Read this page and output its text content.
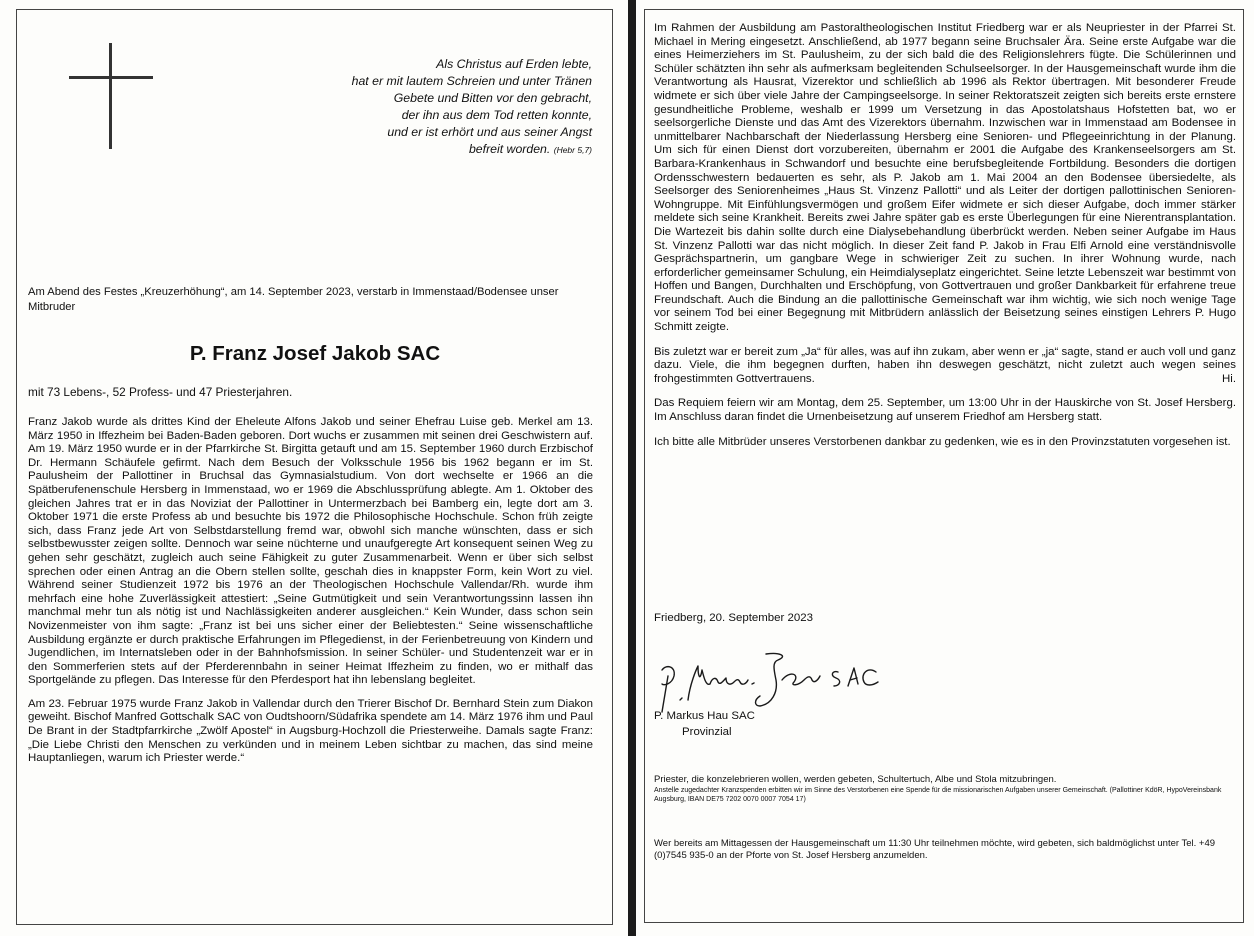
Als Christus auf Erden lebte,
hat er mit lautem Schreien und unter Tränen
Gebete und Bitten vor den gebracht,
der ihn aus dem Tod retten konnte,
und er ist erhört und aus seiner Angst
befreit worden. (Hebr 5,7)
Am Abend des Festes „Kreuzerhöhung“, am 14. September 2023, verstarb in Immenstaad/Bodensee unser Mitbruder
P. Franz Josef Jakob SAC
mit 73 Lebens-, 52 Profess- und 47 Priesterjahren.

Franz Jakob wurde als drittes Kind der Eheleute Alfons Jakob und seiner Ehefrau Luise geb. Merkel am 13. März 1950 in Iffezheim bei Baden-Baden geboren. Dort wuchs er zusammen mit seinen drei Geschwistern auf. Am 19. März 1950 wurde er in der Pfarrkirche St. Birgitta getauft und am 15. September 1960 durch Erzbischof Dr. Hermann Schäufele gefirmt. Nach dem Besuch der Volksschule 1956 bis 1962 begann er im St. Paulusheim der Pallottiner in Bruchsal das Gymnasialstudium. Von dort wechselte er 1966 an die Spätberufenenschule Hersberg in Immenstaad, wo er 1969 die Abschlussprüfung ablegte. Am 1. Oktober des gleichen Jahres trat er in das Noviziat der Pallottiner in Untermerzbach bei Bamberg ein, legte dort am 3. Oktober 1971 die erste Profess ab und besuchte bis 1972 die Philosophische Hochschule. Schon früh zeigte sich, dass Franz jede Art von Selbstdarstellung fremd war, obwohl sich manche wünschten, dass er sich selbstbewusster zeigen sollte. Dennoch war seine nüchterne und unaufgeregte Art konsequent seinen Weg zu gehen sehr geschätzt, zugleich auch seine Fähigkeit zu guter Zusammenarbeit. Wenn er über sich selbst sprechen oder einen Antrag an die Obern stellen sollte, geschah dies in knappster Form, kein Wort zu viel. Während seiner Studienzeit 1972 bis 1976 an der Theologischen Hochschule Vallendar/Rh. wurde ihm mehrfach eine hohe Zuverlässigkeit attestiert: „Seine Gutmütigkeit und sein Verantwortungssinn lassen ihn manchmal mehr tun als nötig ist und Nachlässigkeiten anderer ausgleichen.“ Kein Wunder, dass schon sein Novizenmeister von ihm sagte: „Franz ist bei uns sicher einer der Beliebtesten.“ Seine wissenschaftliche Ausbildung ergänzte er durch praktische Erfahrungen im Pflegedienst, in der Ferienbetreuung von Kindern und Jugendlichen, im Internatsleben oder in der Bahnhofsmission. In seiner Schüler- und Studentenzeit war er in den Sommerferien stets auf der Pferderennbahn in seiner Heimat Iffezheim zu finden, wo er mithalf das Sportgelände zu pflegen. Das Interesse für den Pferdesport hat ihn lebenslang begleitet.

Am 23. Februar 1975 wurde Franz Jakob in Vallendar durch den Trierer Bischof Dr. Bernhard Stein zum Diakon geweiht. Bischof Manfred Gottschalk SAC von Oudtshoorn/Südafrika spendete am 14. März 1976 ihm und Paul De Brant in der Stadtpfarrkirche „Zwölf Apostel“ in Augsburg-Hochzoll die Priesterweihe. Damals sagte Franz: „Die Liebe Christi den Menschen zu verkünden und in meinem Leben sichtbar zu machen, das sind meine Hauptanliegen, warum ich Priester werde.“

Im Rahmen der Ausbildung am Pastoraltheologischen Institut Friedberg war er als Neupriester in der Pfarrei St. Michael in Mering eingesetzt. Anschließend, ab 1977 begann seine Bruchsaler Ära. Seine erste Aufgabe war die eines Heimerziehers im St. Paulusheim, zu der sich bald die des Religionslehrers fügte. Die Schülerinnen und Schüler schätzten ihn sehr als aufmerksam begleitenden Schulseelsorger. In der Hausgemeinschaft wurde ihm die Verantwortung als Hausrat, Vizerektor und schließlich ab 1996 als Rektor übertragen. Mit besonderer Freude widmete er sich über viele Jahre der Campingseelsorge. In seiner Rektoratszeit zeigten sich bereits erste ernstere gesundheitliche Probleme, weshalb er 1999 um Versetzung in das Apostolatshaus Hofstetten bat, wo er seelsorgerliche Dienste und das Amt des Vizerektors übernahm. Inzwischen war in Immenstaad am Bodensee in unmittelbarer Nachbarschaft der Niederlassung Hersberg eine Senioren- und Pflegeeinrichtung in der Planung. Um sich für einen Dienst dort vorzubereiten, übernahm er 2001 die Aufgabe des Krankenseelsorgers am St. Barbara-Krankenhaus in Schwandorf und besuchte eine berufsbegleitende Fortbildung. Besonders die dortigen Ordensschwestern bedauerten es sehr, als P. Jakob am 1. Mai 2004 an den Bodensee übersiedelte, als Seelsorger des Seniorenheimes „Haus St. Vinzenz Pallotti“ und als Leiter der dortigen pallottinischen Senioren-Wohngruppe. Mit Einfühlungsvermögen und großem Eifer widmete er sich dieser Aufgabe, doch immer stärker meldete sich seine Krankheit. Bereits zwei Jahre später gab es erste Überlegungen für eine Nierentransplantation. Die Wartezeit bis dahin sollte durch eine Dialysebehandlung überbrückt werden. Neben seiner Aufgabe im Haus St. Vinzenz Pallotti war das nicht möglich. In dieser Zeit fand P. Jakob in Frau Elfi Arnold eine verständnisvolle Gesprächspartnerin, um gangbare Wege in schwieriger Zeit zu suchen. In ihrer Wohnung wurde, nach erforderlicher gemeinsamer Schulung, ein Heimdialyseplatz eingerichtet. Seine letzte Lebenszeit war bestimmt von Hoffen und Bangen, Durchhalten und Erschöpfung, von Gottvertrauen und großer Dankbarkeit für erfahrene treue Freundschaft. Auch die Bindung an die pallottinische Gemeinschaft war ihm wichtig, wie sich noch wenige Tage vor seinem Tod bei einer Begegnung mit Mitbrüdern anlässlich der Beisetzung seines einstigen Lehrers P. Hugo Schmitt zeigte.

Bis zuletzt war er bereit zum „Ja“ für alles, was auf ihn zukam, aber wenn er „ja“ sagte, stand er auch voll und ganz dazu. Viele, die ihm begegnen durften, haben ihn deswegen geschätzt, nicht zuletzt auch wegen seines frohgestimmten Gottvertrauens.	Hi.

Das Requiem feiern wir am Montag, dem 25. September, um 13:00 Uhr in der Hauskirche von St. Josef Hersberg. Im Anschluss daran findet die Urnenbeisetzung auf unserem Friedhof am Hersberg statt.

Ich bitte alle Mitbrüder unseres Verstorbenen dankbar zu gedenken, wie es in den Provinzstatuten vorgesehen ist.

Friedberg, 20. September 2023
P. Markus Hau SAC
Provinzial
Priester, die konzelebrieren wollen, werden gebeten, Schultertuch, Albe und Stola mitzubringen.
Anstelle zugedachter Kranzspenden erbitten wir im Sinne des Verstorbenen eine Spende für die missionarischen Aufgaben unserer Gemeinschaft. (Pallottiner KdöR, HypoVereinsbank Augsburg, IBAN DE75 7202 0070 0007 7054 17)
Wer bereits am Mittagessen der Hausgemeinschaft um 11:30 Uhr teilnehmen möchte, wird gebeten, sich baldmöglichst unter Tel. +49 (0)7545 935-0 an der Pforte von St. Josef Hersberg anzumelden.
